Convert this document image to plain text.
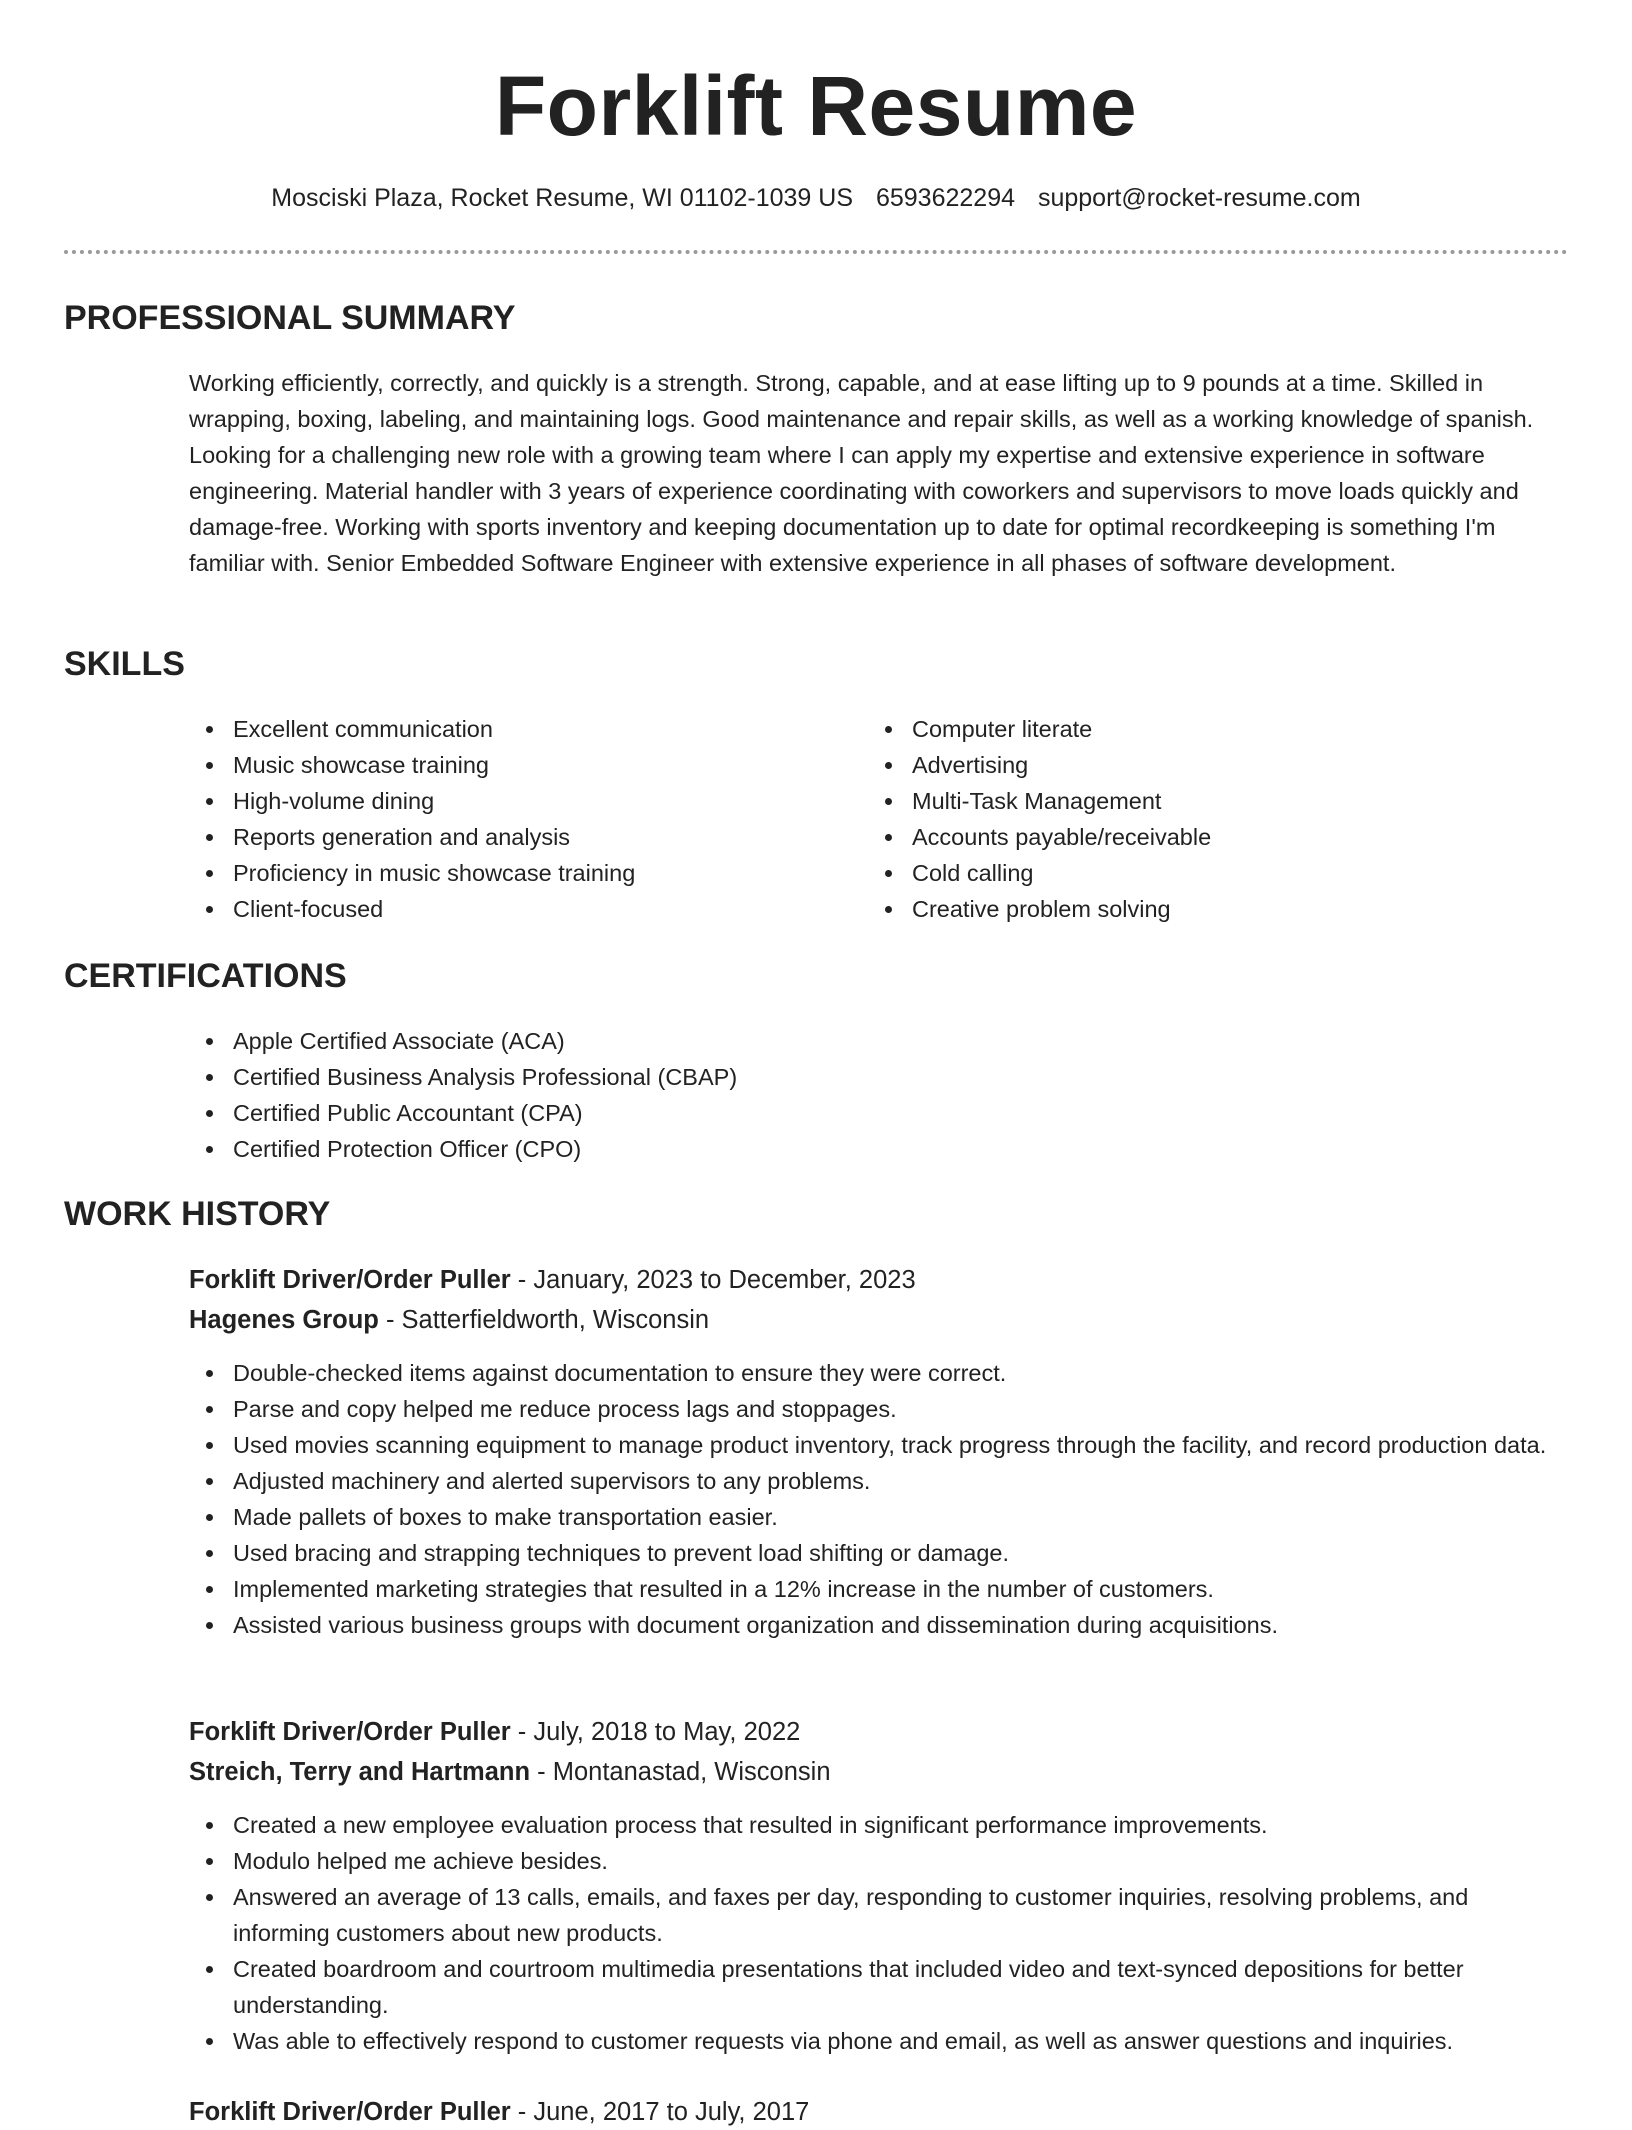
Forklift Resume
Mosciski Plaza, Rocket Resume, WI 01102-1039 US 6593622294 support@rocket-resume.com
PROFESSIONAL SUMMARY

Working efficiently, correctly, and quickly is a strength. Strong, capable, and at ease lifting up to 9 pounds at a time. Skilled in wrapping, boxing, labeling, and maintaining logs. Good maintenance and repair skills, as well as a working knowledge of spanish. Looking for a challenging new role with a growing team where I can apply my expertise and extensive experience in software engineering. Material handler with 3 years of experience coordinating with coworkers and supervisors to move loads quickly and damage-free. Working with sports inventory and keeping documentation up to date for optimal recordkeeping is something I'm familiar with. Senior Embedded Software Engineer with extensive experience in all phases of software development.

SKILLS
Excellent communication
Music showcase training
High-volume dining
Reports generation and analysis
Proficiency in music showcase training
Client-focused
Computer literate
Advertising
Multi-Task Management
Accounts payable/receivable
Cold calling
Creative problem solving
CERTIFICATIONS
Apple Certified Associate (ACA)
Certified Business Analysis Professional (CBAP)
Certified Public Accountant (CPA)
Certified Protection Officer (CPO)
WORK HISTORY
Forklift Driver/Order Puller - January, 2023 to December, 2023
Hagenes Group - Satterfieldworth, Wisconsin
Double-checked items against documentation to ensure they were correct.
Parse and copy helped me reduce process lags and stoppages.
Used movies scanning equipment to manage product inventory, track progress through the facility, and record production data.
Adjusted machinery and alerted supervisors to any problems.
Made pallets of boxes to make transportation easier.
Used bracing and strapping techniques to prevent load shifting or damage.
Implemented marketing strategies that resulted in a 12% increase in the number of customers.
Assisted various business groups with document organization and dissemination during acquisitions.
Forklift Driver/Order Puller - July, 2018 to May, 2022
Streich, Terry and Hartmann - Montanastad, Wisconsin
Created a new employee evaluation process that resulted in significant performance improvements.
Modulo helped me achieve besides.
Answered an average of 13 calls, emails, and faxes per day, responding to customer inquiries, resolving problems, and informing customers about new products.
Created boardroom and courtroom multimedia presentations that included video and text-synced depositions for better understanding.
Was able to effectively respond to customer requests via phone and email, as well as answer questions and inquiries.
Forklift Driver/Order Puller - June, 2017 to July, 2017
